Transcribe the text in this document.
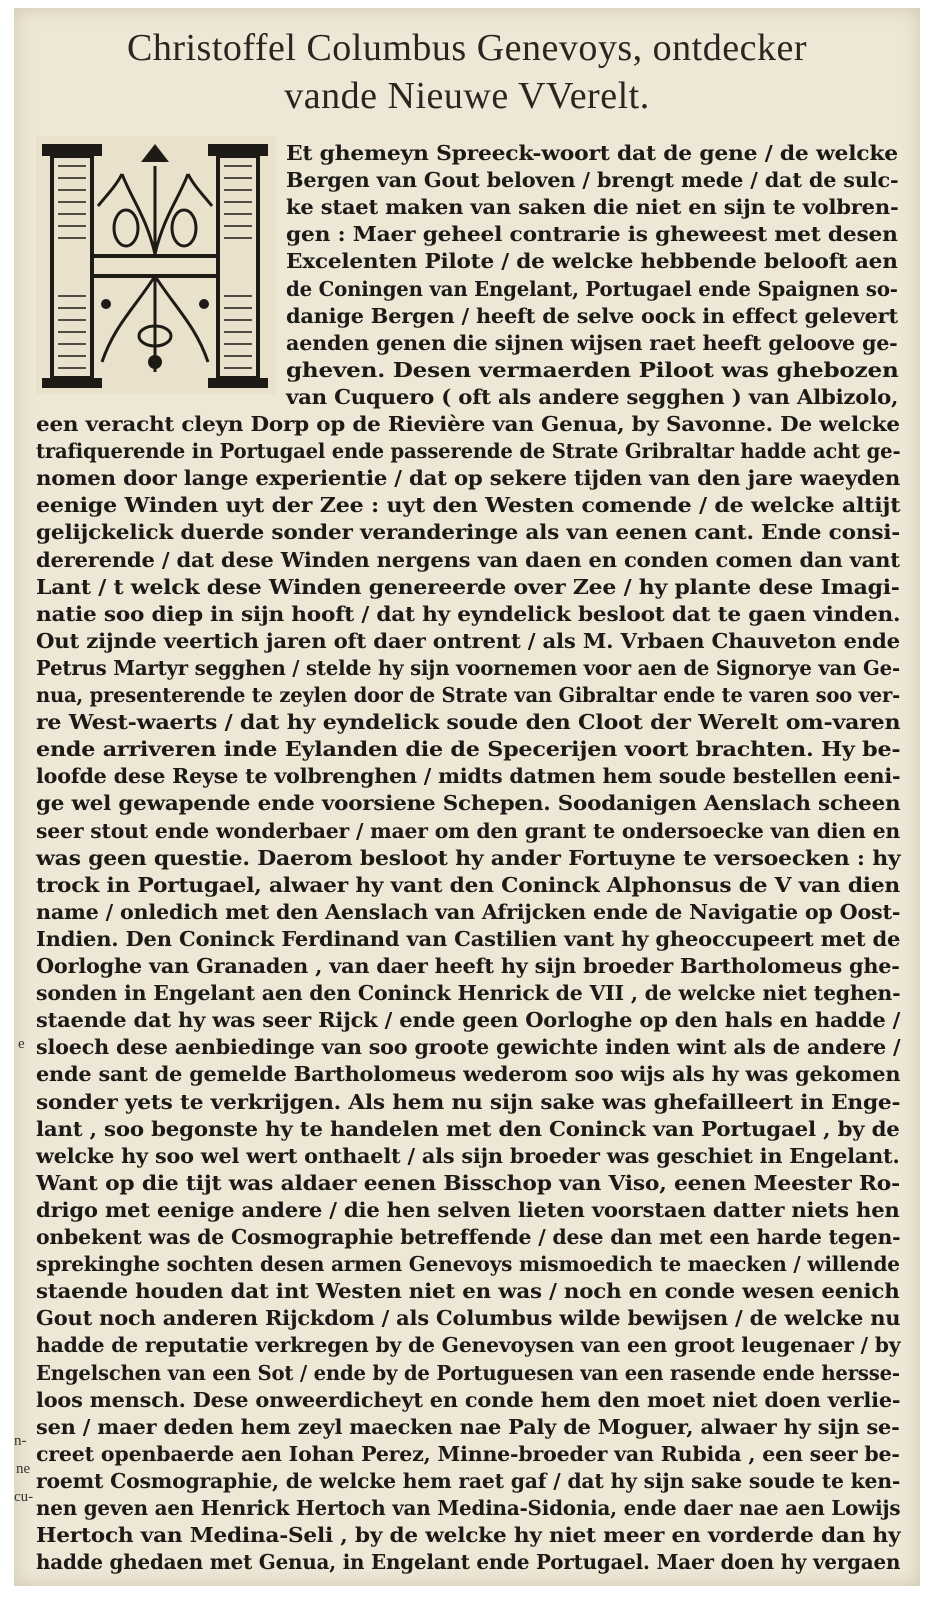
Christoffel Columbus Genevoys, ontdecker
vande Nieuwe VVerelt.
Et ghemeyn Spreeck-woort dat de gene / de welcke
Bergen van Gout beloven / brengt mede / dat de sulc-
ke staet maken van saken die niet en sijn te volbren-
gen : Maer geheel contrarie is gheweest met desen
Excelenten Pilote / de welcke hebbende belooft aen
de Coningen van Engelant, Portugael ende Spaignen so-
danige Bergen / heeft de selve oock in effect gelevert
aenden genen die sijnen wijsen raet heeft geloove ge-
gheven. Desen vermaerden Piloot was ghebozen
van Cuquero ( oft als andere segghen ) van Albizolo,
een veracht cleyn Dorp op de Rievière van Genua, by Savonne. De welcke
trafiquerende in Portugael ende passerende de Strate Gribraltar hadde acht ge-
nomen door lange experientie / dat op sekere tijden van den jare waeyden
eenige Winden uyt der Zee : uyt den Westen comende / de welcke altijt
gelijckelick duerde sonder veranderinge als van eenen cant. Ende consi-
dererende / dat dese Winden nergens van daen en conden comen dan vant
Lant / t welck dese Winden genereerde over Zee / hy plante dese Imagi-
natie soo diep in sijn hooft / dat hy eyndelick besloot dat te gaen vinden.
Out zijnde veertich jaren oft daer ontrent / als M. Vrbaen Chauveton ende
Petrus Martyr segghen / stelde hy sijn voornemen voor aen de Signorye van Ge-
nua, presenterende te zeylen door de Strate van Gibraltar ende te varen soo ver-
re West-waerts / dat hy eyndelick soude den Cloot der Werelt om-varen
ende arriveren inde Eylanden die de Specerijen voort brachten. Hy be-
loofde dese Reyse te volbrenghen / midts datmen hem soude bestellen eeni-
ge wel gewapende ende voorsiene Schepen. Soodanigen Aenslach scheen
seer stout ende wonderbaer / maer om den grant te ondersoecke van dien en
was geen questie. Daerom besloot hy ander Fortuyne te versoecken : hy
trock in Portugael, alwaer hy vant den Coninck Alphonsus de V van dien
name / onledich met den Aenslach van Afrijcken ende de Navigatie op Oost-
Indien. Den Coninck Ferdinand van Castilien vant hy gheoccupeert met de
Oorloghe van Granaden , van daer heeft hy sijn broeder Bartholomeus ghe-
sonden in Engelant aen den Coninck Henrick de VII , de welcke niet teghen-
staende dat hy was seer Rijck / ende geen Oorloghe op den hals en hadde /
sloech dese aenbiedinge van soo groote gewichte inden wint als de andere /
ende sant de gemelde Bartholomeus wederom soo wijs als hy was gekomen
sonder yets te verkrijgen. Als hem nu sijn sake was ghefailleert in Enge-
lant , soo begonste hy te handelen met den Coninck van Portugael , by de
welcke hy soo wel wert onthaelt / als sijn broeder was geschiet in Engelant.
Want op die tijt was aldaer eenen Bisschop van Viso, eenen Meester Ro-
drigo met eenige andere / die hen selven lieten voorstaen datter niets hen
onbekent was de Cosmographie betreffende / dese dan met een harde tegen-
sprekinghe sochten desen armen Genevoys mismoedich te maecken / willende
staende houden dat int Westen niet en was / noch en conde wesen eenich
Gout noch anderen Rijckdom / als Columbus wilde bewijsen / de welcke nu
hadde de reputatie verkregen by de Genevoysen van een groot leugenaer / by
Engelschen van een Sot / ende by de Portuguesen van een rasende ende hersse-
loos mensch. Dese onweerdicheyt en conde hem den moet niet doen verlie-
sen / maer deden hem zeyl maecken nae Paly de Moguer, alwaer hy sijn se-
creet openbaerde aen Iohan Perez, Minne-broeder van Rubida , een seer be-
roemt Cosmographie, de welcke hem raet gaf / dat hy sijn sake soude te ken-
nen geven aen Henrick Hertoch van Medina-Sidonia, ende daer nae aen Lowijs
Hertoch van Medina-Seli , by de welcke hy niet meer en vorderde dan hy
hadde ghedaen met Genua, in Engelant ende Portugael. Maer doen hy vergaen
e
n-
ne
cu-
